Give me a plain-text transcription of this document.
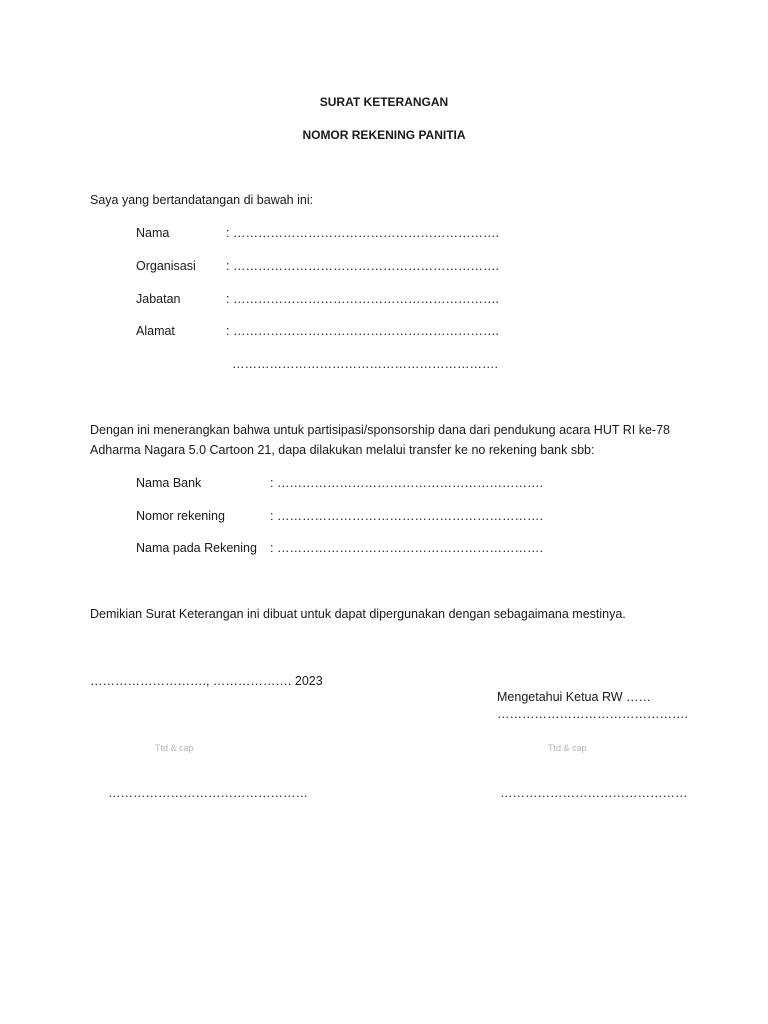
SURAT KETERANGAN
NOMOR REKENING PANITIA
Saya yang bertandatangan di bawah ini:
Nama	: ……………………………………………………….
Organisasi : ……………………………………………………….
Jabatan	: ……………………………………………………….
Alamat	: ……………………………………………………….
……………………………………………………….
Dengan ini menerangkan bahwa untuk partisipasi/sponsorship dana dari pendukung acara HUT RI ke-78
Adharma Nagara 5.0 Cartoon 21, dapa dilakukan melalui transfer ke no rekening bank sbb:
Nama Bank	: ……………………………………………………….
Nomor rekening	: ……………………………………………………….
Nama pada Rekening : ……………………………………………………….
Demikian Surat Keterangan ini dibuat untuk dapat dipergunakan dengan sebagaimana mestinya.
………………………., ………………. 2023
Mengetahui Ketua RW ……
……………………………………….
Ttd & cap	Ttd & cap
…………………………………………	………………………………………
